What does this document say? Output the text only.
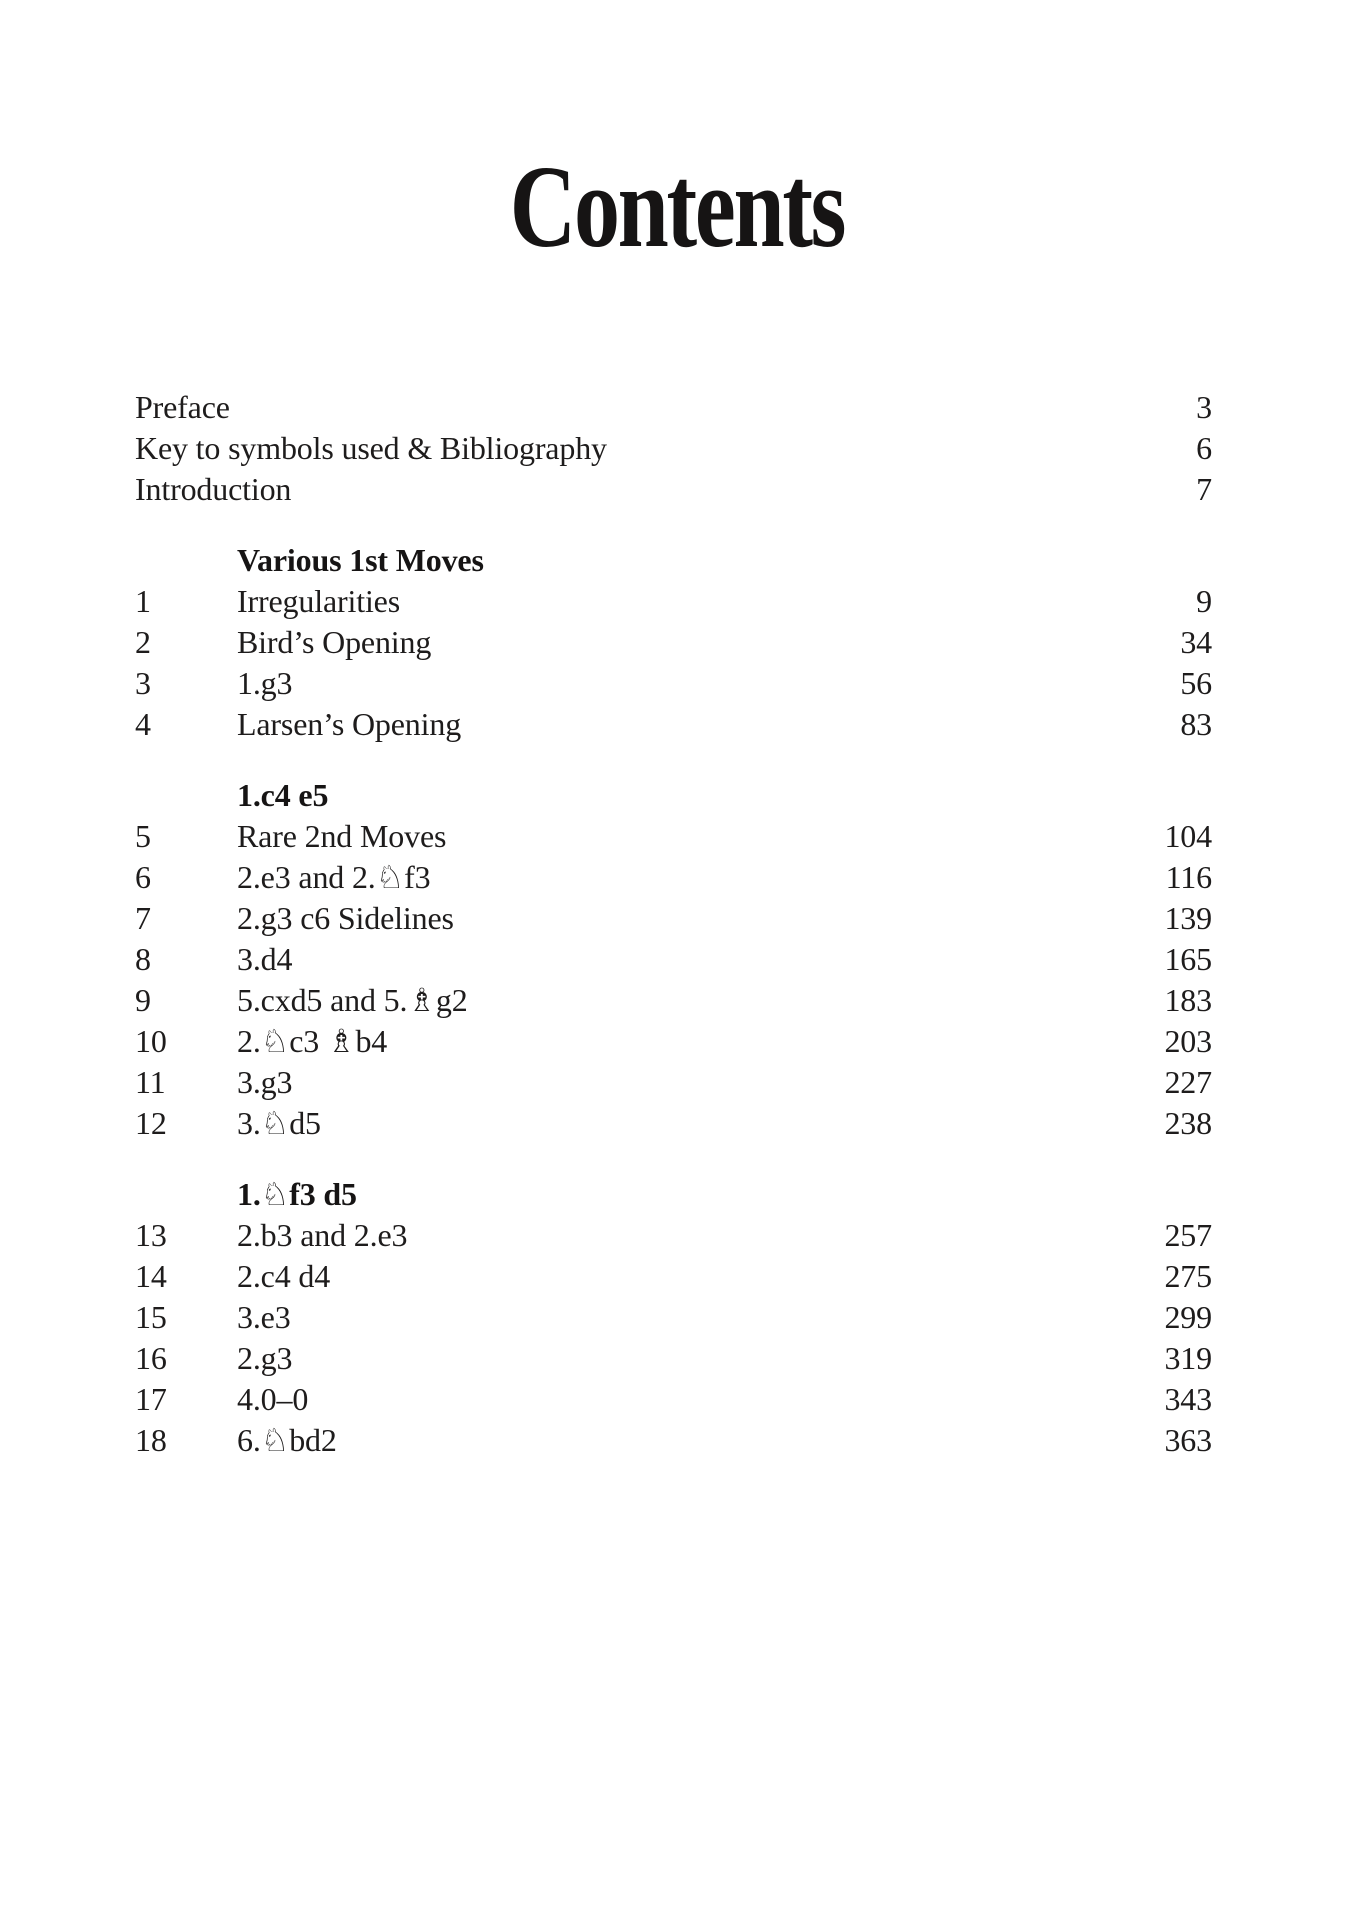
Contents
Preface	3
Key to symbols used & Bibliography	6
Introduction	7
Various 1st Moves
1	Irregularities	9
2	Bird’s Opening	34
3	1.g3	56
4	Larsen’s Opening	83
1.c4 e5
5	Rare 2nd Moves	104
6	2.e3 and 2.♘f3	116
7	2.g3 c6 Sidelines	139
8	3.d4	165
9	5.cxd5 and 5.♗g2	183
10	2.♘c3 ♗b4	203
11	3.g3	227
12	3.♘d5	238
1.♘f3 d5
13	2.b3 and 2.e3	257
14	2.c4 d4	275
15	3.e3	299
16	2.g3	319
17	4.0–0	343
18	6.♘bd2	363
